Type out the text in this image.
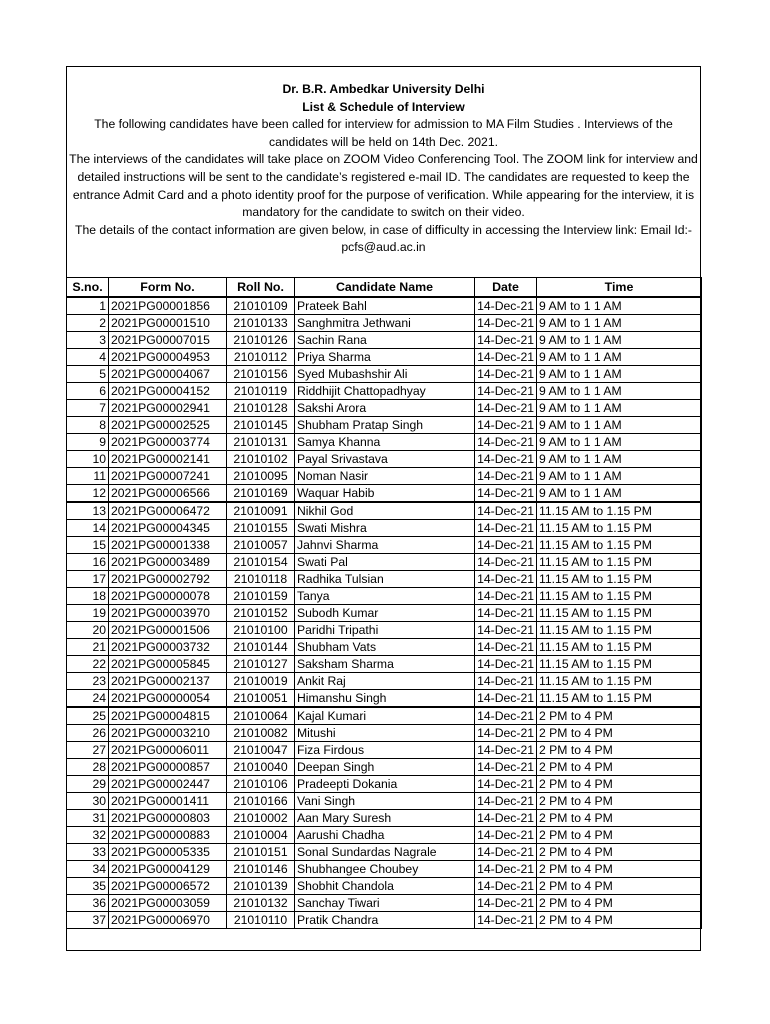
Dr. B.R. Ambedkar University Delhi

List & Schedule of Interview

The following candidates have been called for interview for admission to MA Film Studies . Interviews of the candidates will be held on 14th Dec. 2021.

The interviews of the candidates will take place on ZOOM Video Conferencing Tool. The ZOOM link for interview and detailed instructions will be sent to the candidate’s registered e-mail ID. The candidates are requested to keep the entrance Admit Card and a photo identity proof for the purpose of verification. While appearing for the interview, it is mandatory for the candidate to switch on their video.

The details of the contact information are given below, in case of difficulty in accessing the Interview link: Email Id:-pcfs@aud.ac.in

S.no.	Form No.	Roll No.	Candidate Name	Date	Time
1	2021PG00001856	21010109	Prateek Bahl	14-Dec-21	9 AM to 1 1 AM
2	2021PG00001510	21010133	Sanghmitra Jethwani	14-Dec-21	9 AM to 1 1 AM
3	2021PG00007015	21010126	Sachin Rana	14-Dec-21	9 AM to 1 1 AM
4	2021PG00004953	21010112	Priya Sharma	14-Dec-21	9 AM to 1 1 AM
5	2021PG00004067	21010156	Syed Mubashshir Ali	14-Dec-21	9 AM to 1 1 AM
6	2021PG00004152	21010119	Riddhijit Chattopadhyay	14-Dec-21	9 AM to 1 1 AM
7	2021PG00002941	21010128	Sakshi Arora	14-Dec-21	9 AM to 1 1 AM
8	2021PG00002525	21010145	Shubham Pratap Singh	14-Dec-21	9 AM to 1 1 AM
9	2021PG00003774	21010131	Samya Khanna	14-Dec-21	9 AM to 1 1 AM
10	2021PG00002141	21010102	Payal Srivastava	14-Dec-21	9 AM to 1 1 AM
11	2021PG00007241	21010095	Noman Nasir	14-Dec-21	9 AM to 1 1 AM
12	2021PG00006566	21010169	Waquar Habib	14-Dec-21	9 AM to 1 1 AM
13	2021PG00006472	21010091	Nikhil God	14-Dec-21	11.15 AM to 1.15 PM
14	2021PG00004345	21010155	Swati Mishra	14-Dec-21	11.15 AM to 1.15 PM
15	2021PG00001338	21010057	Jahnvi Sharma	14-Dec-21	11.15 AM to 1.15 PM
16	2021PG00003489	21010154	Swati Pal	14-Dec-21	11.15 AM to 1.15 PM
17	2021PG00002792	21010118	Radhika Tulsian	14-Dec-21	11.15 AM to 1.15 PM
18	2021PG00000078	21010159	Tanya	14-Dec-21	11.15 AM to 1.15 PM
19	2021PG00003970	21010152	Subodh Kumar	14-Dec-21	11.15 AM to 1.15 PM
20	2021PG00001506	21010100	Paridhi Tripathi	14-Dec-21	11.15 AM to 1.15 PM
21	2021PG00003732	21010144	Shubham Vats	14-Dec-21	11.15 AM to 1.15 PM
22	2021PG00005845	21010127	Saksham Sharma	14-Dec-21	11.15 AM to 1.15 PM
23	2021PG00002137	21010019	Ankit Raj	14-Dec-21	11.15 AM to 1.15 PM
24	2021PG00000054	21010051	Himanshu Singh	14-Dec-21	11.15 AM to 1.15 PM
25	2021PG00004815	21010064	Kajal Kumari	14-Dec-21	2 PM to 4 PM
26	2021PG00003210	21010082	Mitushi	14-Dec-21	2 PM to 4 PM
27	2021PG00006011	21010047	Fiza Firdous	14-Dec-21	2 PM to 4 PM
28	2021PG00000857	21010040	Deepan Singh	14-Dec-21	2 PM to 4 PM
29	2021PG00002447	21010106	Pradeepti Dokania	14-Dec-21	2 PM to 4 PM
30	2021PG00001411	21010166	Vani Singh	14-Dec-21	2 PM to 4 PM
31	2021PG00000803	21010002	Aan Mary Suresh	14-Dec-21	2 PM to 4 PM
32	2021PG00000883	21010004	Aarushi Chadha	14-Dec-21	2 PM to 4 PM
33	2021PG00005335	21010151	Sonal Sundardas Nagrale	14-Dec-21	2 PM to 4 PM
34	2021PG00004129	21010146	Shubhangee Choubey	14-Dec-21	2 PM to 4 PM
35	2021PG00006572	21010139	Shobhit Chandola	14-Dec-21	2 PM to 4 PM
36	2021PG00003059	21010132	Sanchay Tiwari	14-Dec-21	2 PM to 4 PM
37	2021PG00006970	21010110	Pratik Chandra	14-Dec-21	2 PM to 4 PM
